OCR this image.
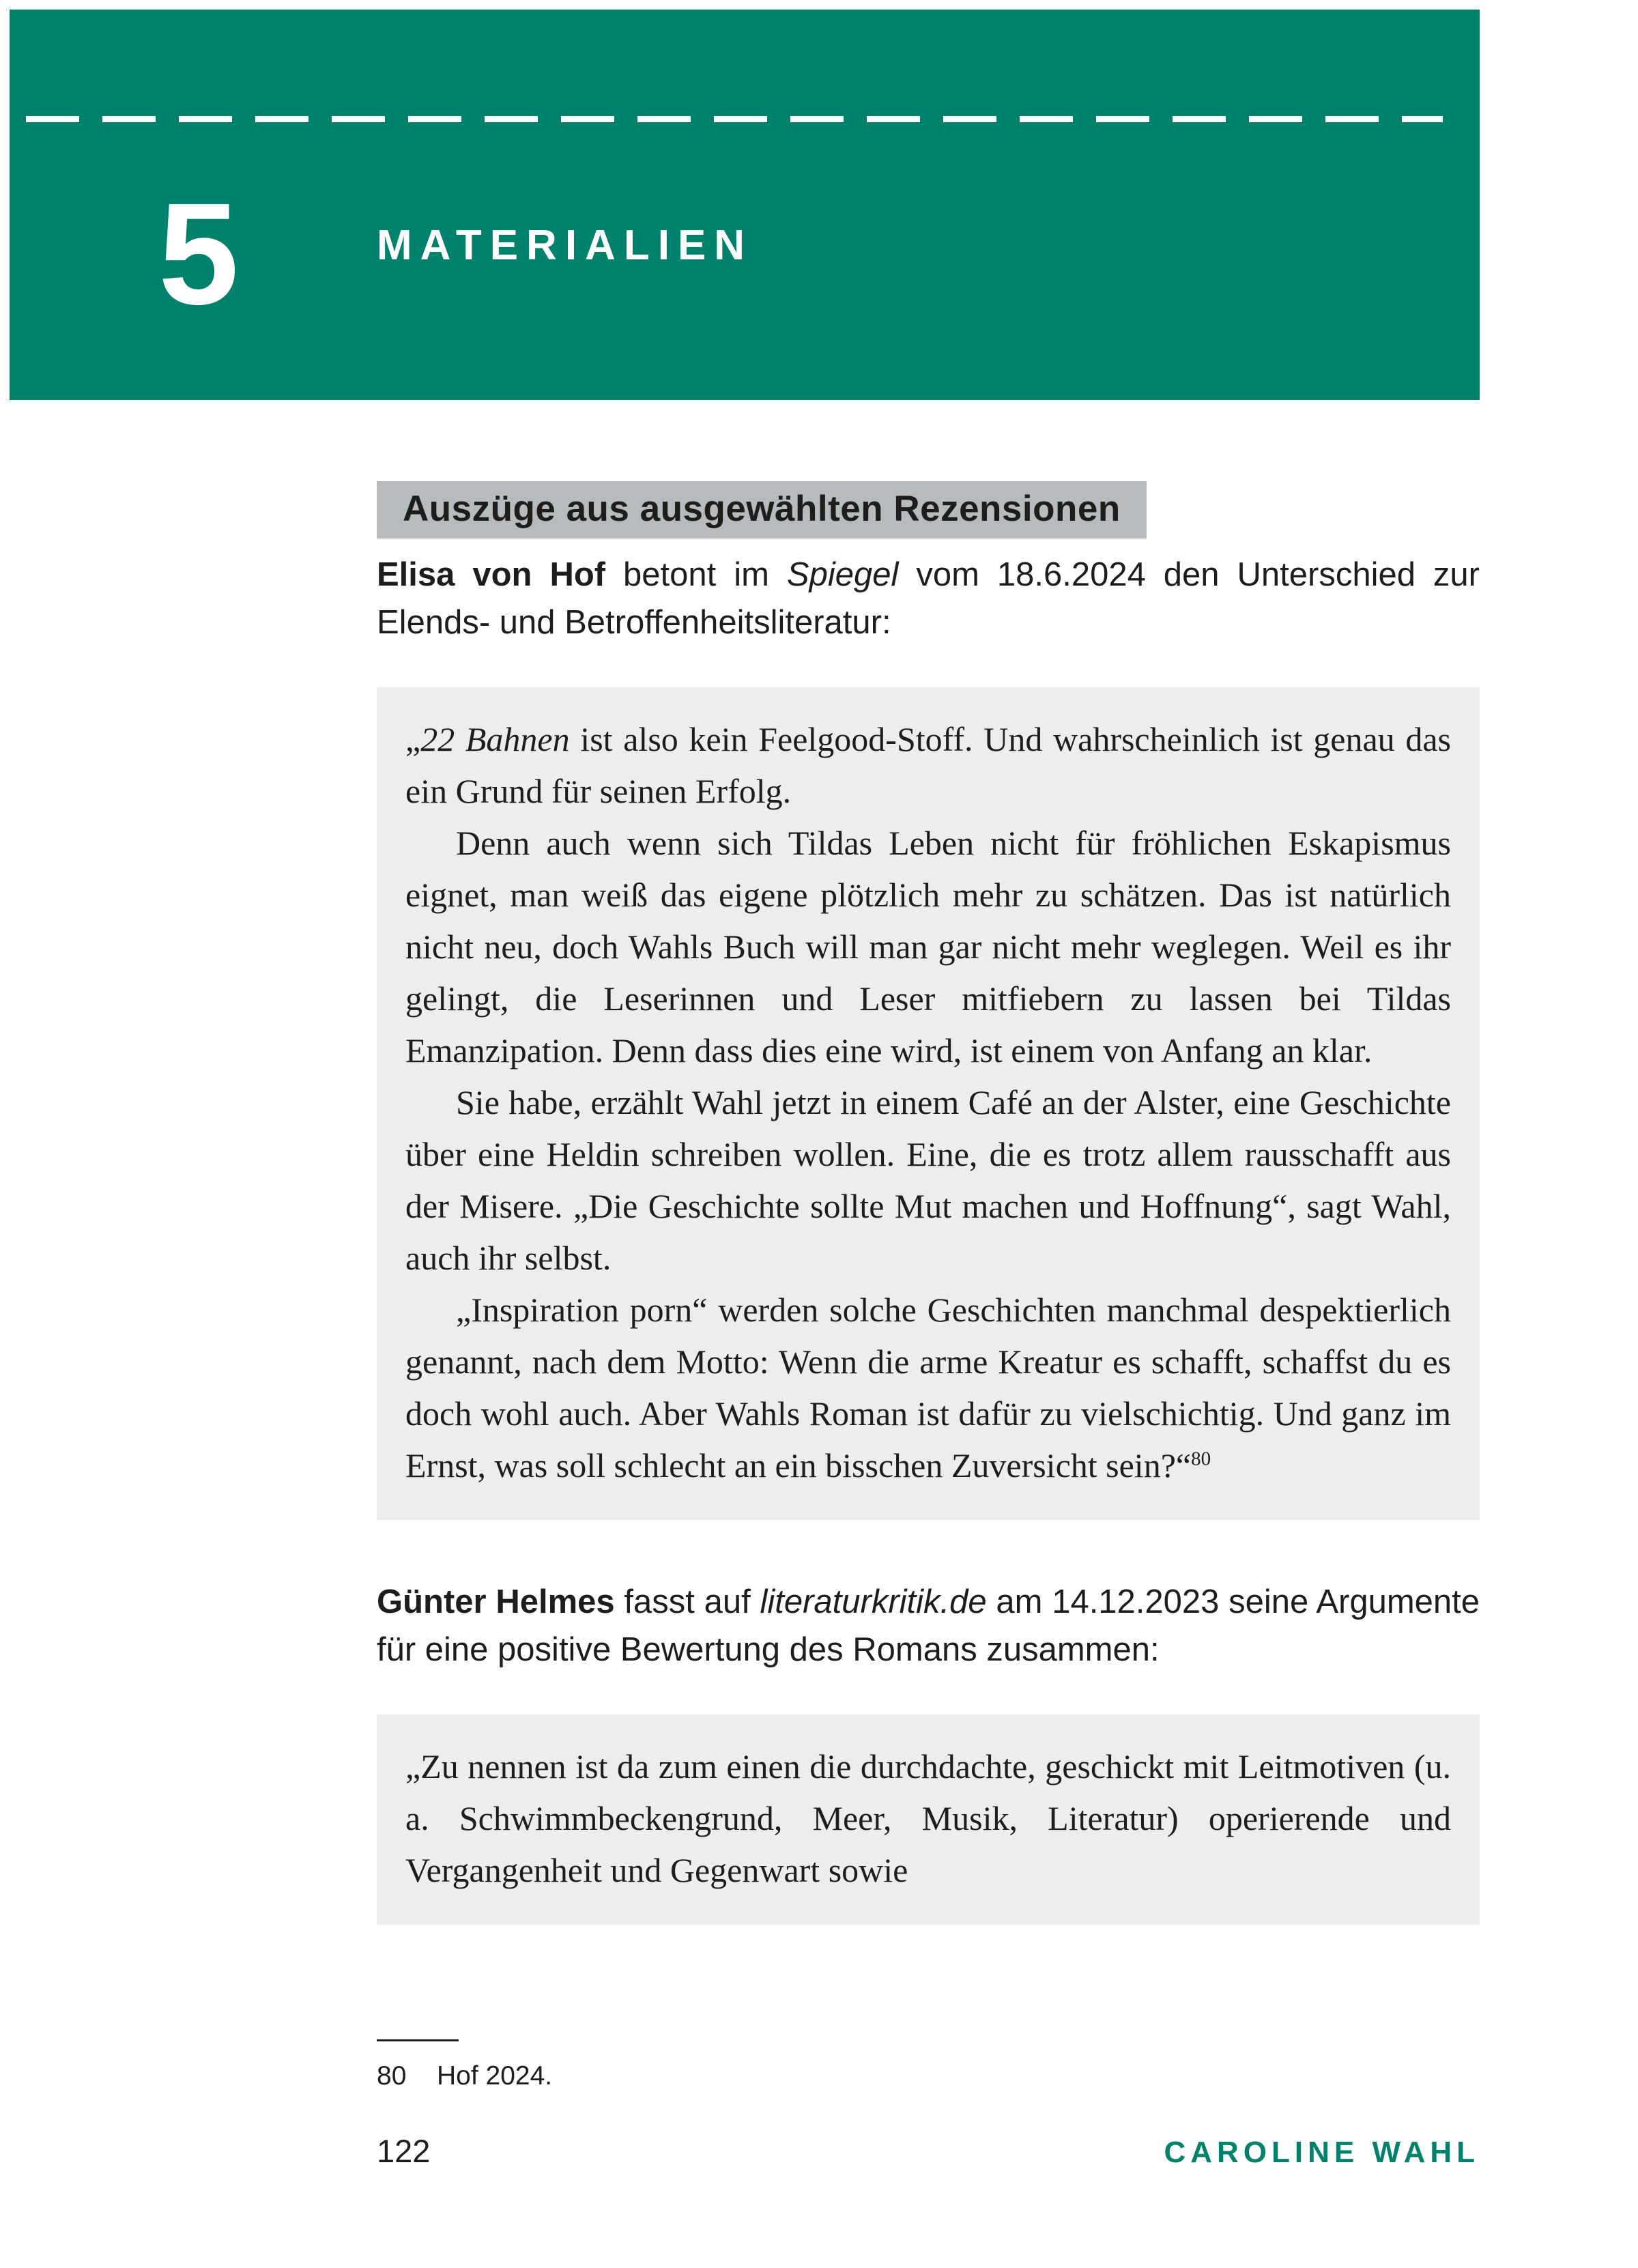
5	MATERIALIEN
Auszüge aus ausgewählten Rezensionen

Elisa von Hof betont im Spiegel vom 18.6.2024 den Unterschied zur Elends- und Betroffenheitsliteratur:

„22 Bahnen ist also kein Feelgood-Stoff. Und wahrscheinlich ist genau das ein Grund für seinen Erfolg.

Denn auch wenn sich Tildas Leben nicht für fröhlichen Eskapismus eignet, man weiß das eigene plötzlich mehr zu schätzen. Das ist natürlich nicht neu, doch Wahls Buch will man gar nicht mehr weglegen. Weil es ihr gelingt, die Leserinnen und Leser mitfiebern zu lassen bei Tildas Emanzipation. Denn dass dies eine wird, ist einem von Anfang an klar.

Sie habe, erzählt Wahl jetzt in einem Café an der Alster, eine Geschichte über eine Heldin schreiben wollen. Eine, die es trotz allem rausschafft aus der Misere. „Die Geschichte sollte Mut machen und Hoffnung“, sagt Wahl, auch ihr selbst.

„Inspiration porn“ werden solche Geschichten manchmal despektierlich genannt, nach dem Motto: Wenn die arme Kreatur es schafft, schaffst du es doch wohl auch. Aber Wahls Roman ist dafür zu vielschichtig. Und ganz im Ernst, was soll schlecht an ein bisschen Zuversicht sein?“$^{80}$

Günter Helmes fasst auf literaturkritik.de am 14.12.2023 seine Argumente für eine positive Bewertung des Romans zusammen:

„Zu nennen ist da zum einen die durchdachte, geschickt mit Leitmotiven (u. a. Schwimmbeckengrund, Meer, Musik, Literatur) operierende und Vergangenheit und Gegenwart sowie

80 Hof 2024.
122	CAROLINE WAHL
